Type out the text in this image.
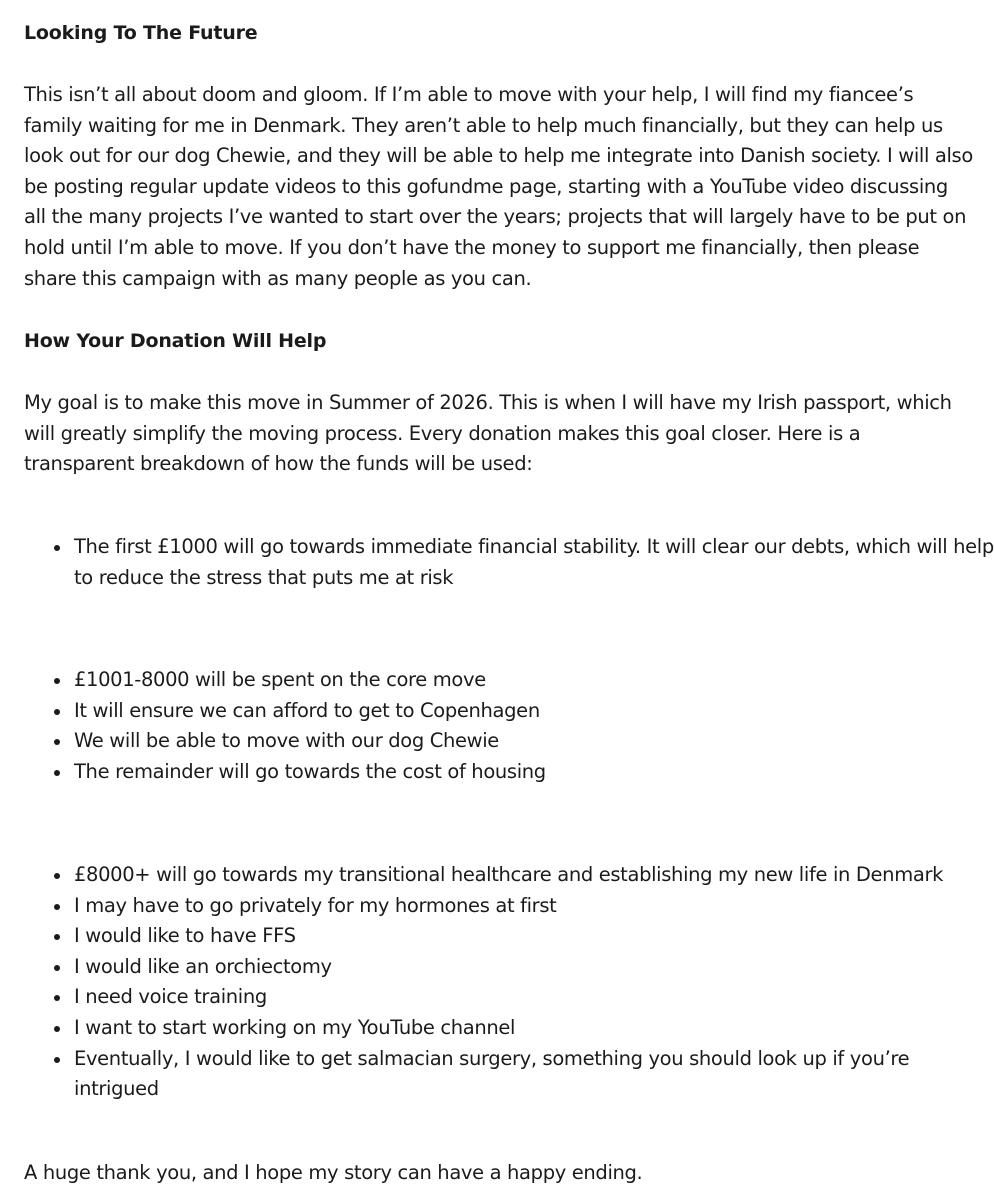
Looking To The Future

This isn’t all about doom and gloom. If I’m able to move with your help, I will find my fiancee’s family waiting for me in Denmark. They aren’t able to help much financially, but they can help us look out for our dog Chewie, and they will be able to help me integrate into Danish society. I will also be posting regular update videos to this gofundme page, starting with a YouTube video discussing all the many projects I’ve wanted to start over the years; projects that will largely have to be put on hold until I’m able to move. If you don’t have the money to support me financially, then please share this campaign with as many people as you can.

How Your Donation Will Help

My goal is to make this move in Summer of 2026. This is when I will have my Irish passport, which will greatly simplify the moving process. Every donation makes this goal closer. Here is a transparent breakdown of how the funds will be used:

The first £1000 will go towards immediate financial stability. It will clear our debts, which will help to reduce the stress that puts me at risk
£1001-8000 will be spent on the core move
It will ensure we can afford to get to Copenhagen
We will be able to move with our dog Chewie
The remainder will go towards the cost of housing
£8000+ will go towards my transitional healthcare and establishing my new life in Denmark
I may have to go privately for my hormones at first
I would like to have FFS
I would like an orchiectomy
I need voice training
I want to start working on my YouTube channel
Eventually, I would like to get salmacian surgery, something you should look up if you’re intrigued

A huge thank you, and I hope my story can have a happy ending.
